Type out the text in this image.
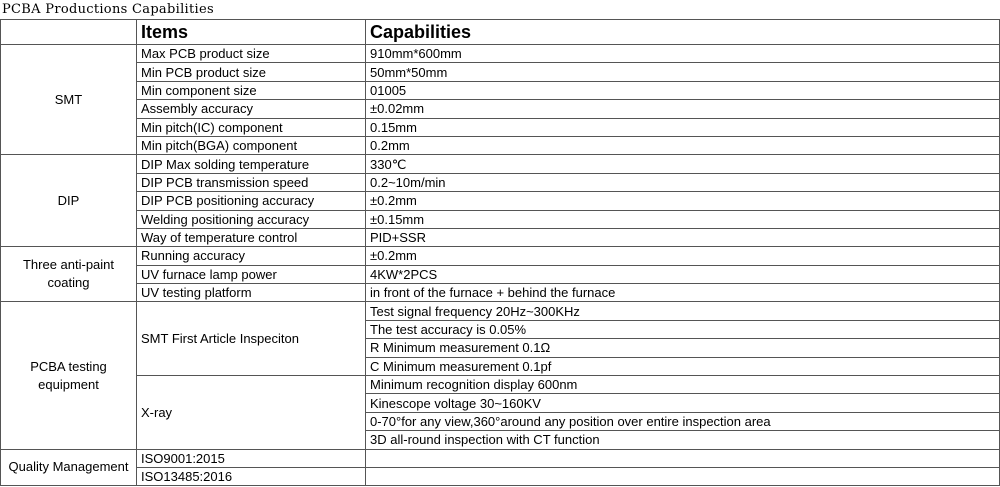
PCBA Productions Capabilities
	Items	Capabilities
SMT	Max PCB product size	910mm*600mm
	Min PCB product size	50mm*50mm
	Min component size	01005
	Assembly accuracy	±0.02mm
	Min pitch(IC) component	0.15mm
	Min pitch(BGA) component	0.2mm
DIP	DIP Max solding temperature	330℃
	DIP PCB transmission speed	0.2~10m/min
	DIP PCB positioning accuracy	±0.2mm
	Welding positioning accuracy	±0.15mm
	Way of temperature control	PID+SSR
Three anti-paint coating	Running accuracy	±0.2mm
	UV furnace lamp power	4KW*2PCS
	UV testing platform	in front of the furnace + behind the furnace
PCBA testing equipment	SMT First Article Inspeciton	Test signal frequency 20Hz~300KHz
		The test accuracy is 0.05%
		R Minimum measurement 0.1Ω
		C Minimum measurement 0.1pf
	X-ray	Minimum recognition display 600nm
		Kinescope voltage 30~160KV
		0-70°for any view,360°around any position over entire inspection area
		3D all-round inspection with CT function
Quality Management	ISO9001:2015	
	ISO13485:2016	
